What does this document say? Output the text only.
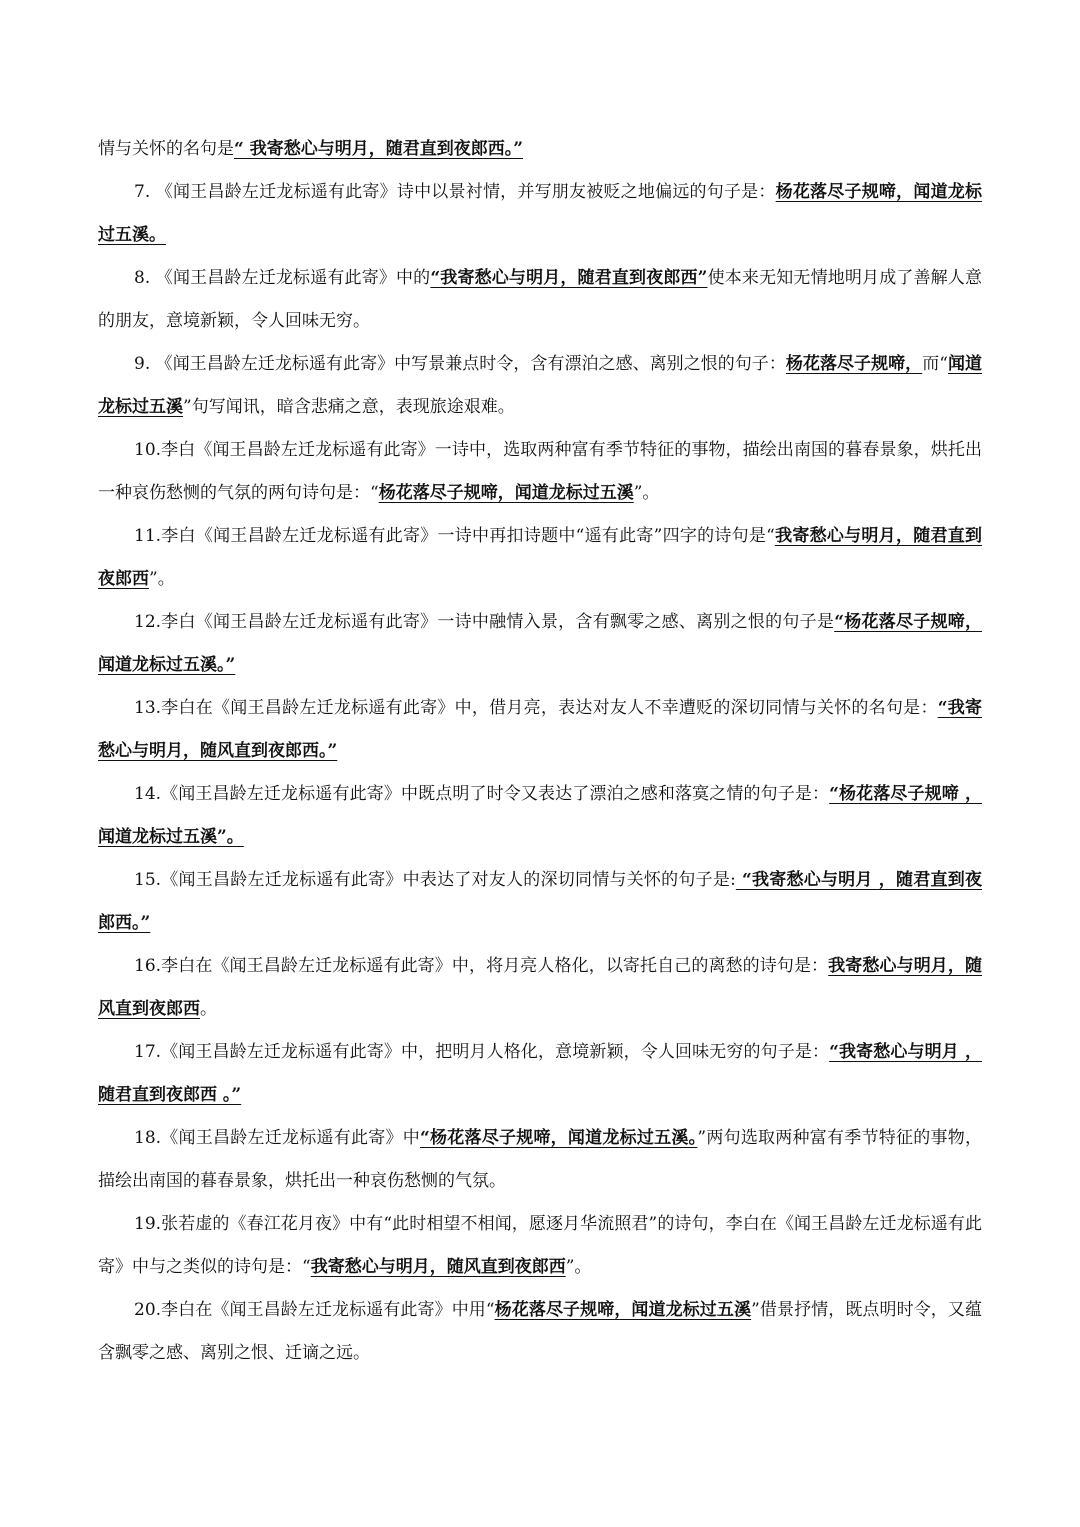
情与关怀的名句是“ 我寄愁心与明月，随君直到夜郎西。”

7. 《闻王昌龄左迁龙标遥有此寄》诗中以景衬情，并写朋友被贬之地偏远的句子是：杨花落尽子规啼，闻道龙标过五溪。

8. 《闻王昌龄左迁龙标遥有此寄》中的“我寄愁心与明月，随君直到夜郎西”使本来无知无情地明月成了善解人意的朋友，意境新颖，令人回味无穷。

9. 《闻王昌龄左迁龙标遥有此寄》中写景兼点时令，含有漂泊之感、离别之恨的句子：杨花落尽子规啼，而“闻道龙标过五溪”句写闻讯，暗含悲痛之意，表现旅途艰难。

10.李白《闻王昌龄左迁龙标遥有此寄》一诗中，选取两种富有季节特征的事物，描绘出南国的暮春景象，烘托出一种哀伤愁恻的气氛的两句诗句是：“杨花落尽子规啼，闻道龙标过五溪”。

11.李白《闻王昌龄左迁龙标遥有此寄》一诗中再扣诗题中“遥有此寄”四字的诗句是“我寄愁心与明月，随君直到夜郎西”。

12.李白《闻王昌龄左迁龙标遥有此寄》一诗中融情入景，含有飘零之感、离别之恨的句子是“杨花落尽子规啼，闻道龙标过五溪。”

13.李白在《闻王昌龄左迁龙标遥有此寄》中，借月亮，表达对友人不幸遭贬的深切同情与关怀的名句是：“我寄愁心与明月，随风直到夜郎西。”

14.《闻王昌龄左迁龙标遥有此寄》中既点明了时令又表达了漂泊之感和落寞之情的句子是：“杨花落尽子规啼 ， 闻道龙标过五溪”。

15.《闻王昌龄左迁龙标遥有此寄》中表达了对友人的深切同情与关怀的句子是: “我寄愁心与明月 ，随君直到夜郎西。”

16.李白在《闻王昌龄左迁龙标遥有此寄》中，将月亮人格化，以寄托自己的离愁的诗句是：我寄愁心与明月，随风直到夜郎西。

17.《闻王昌龄左迁龙标遥有此寄》中，把明月人格化，意境新颖，令人回味无穷的句子是：“我寄愁心与明月 ，随君直到夜郎西 。”

18.《闻王昌龄左迁龙标遥有此寄》中“杨花落尽子规啼，闻道龙标过五溪。”两句选取两种富有季节特征的事物，描绘出南国的暮春景象，烘托出一种哀伤愁恻的气氛。

19.张若虚的《春江花月夜》中有“此时相望不相闻，愿逐月华流照君”的诗句，李白在《闻王昌龄左迁龙标遥有此寄》中与之类似的诗句是：“我寄愁心与明月，随风直到夜郎西”。

20.李白在《闻王昌龄左迁龙标遥有此寄》中用“杨花落尽子规啼，闻道龙标过五溪”借景抒情，既点明时令，又蕴含飘零之感、离别之恨、迁谪之远。
